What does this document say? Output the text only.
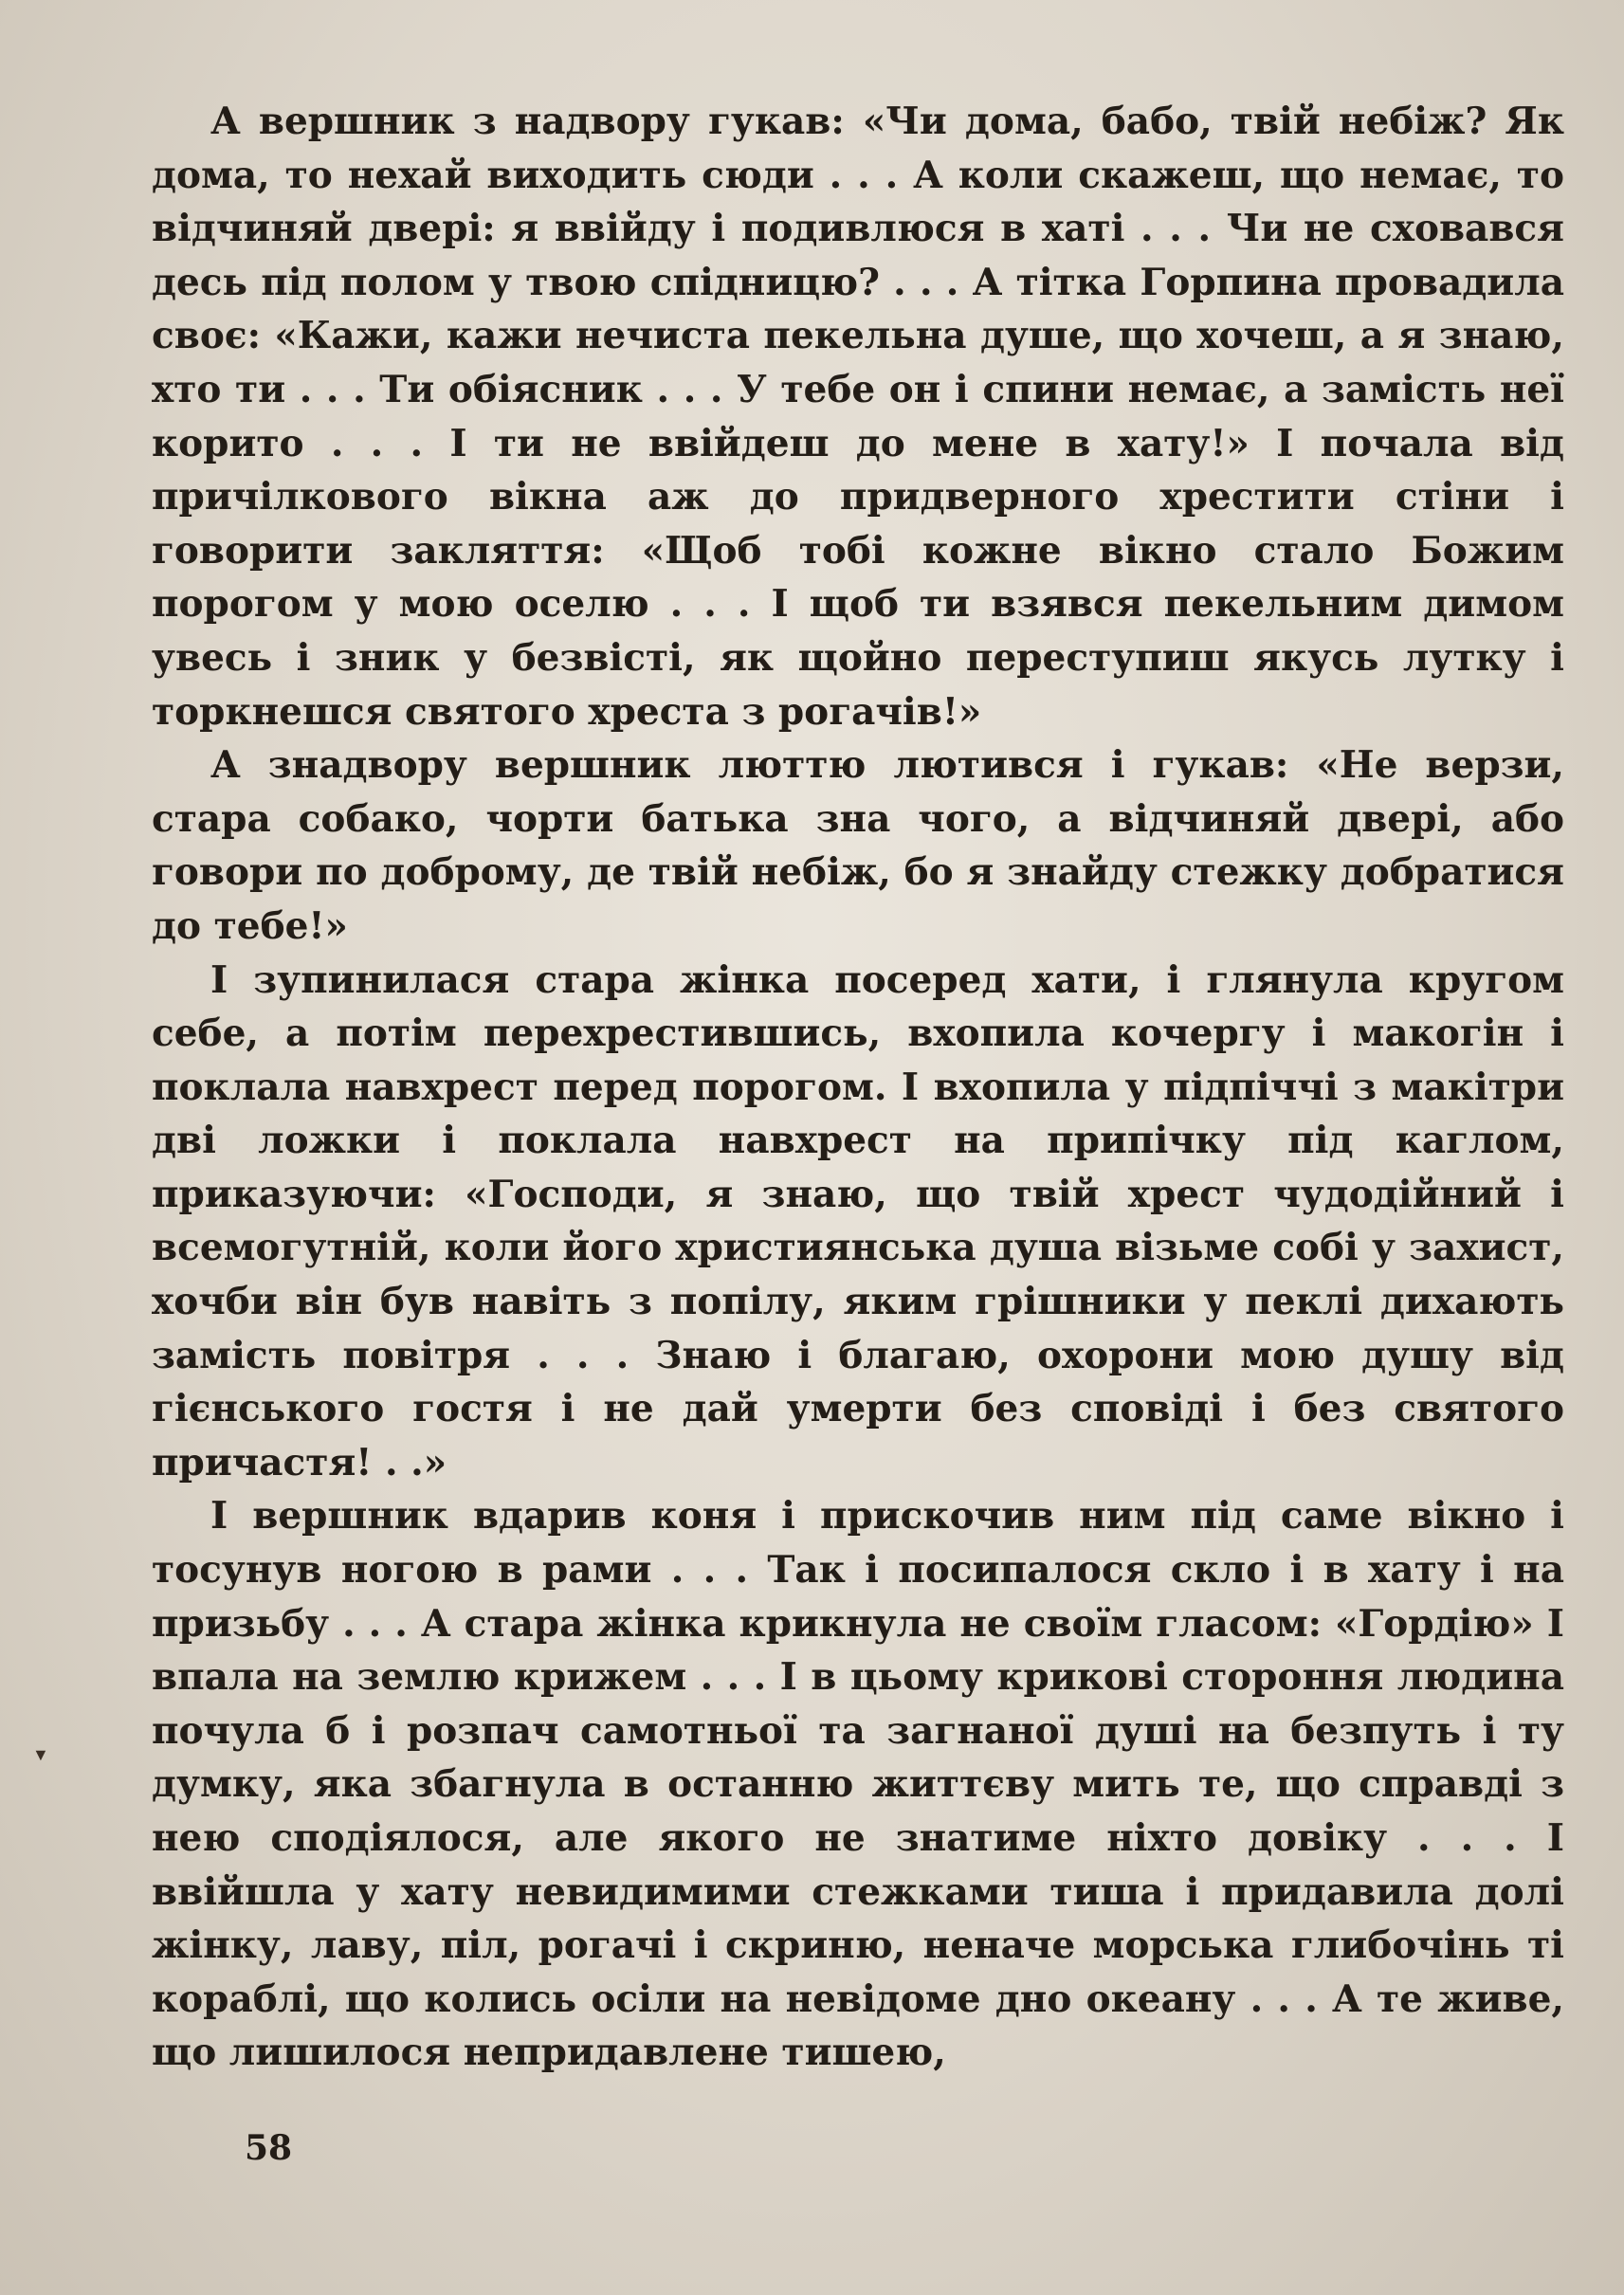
А вершник з надвору гукав: «Чи дома, бабо, твій небіж? Як дома, то нехай виходить сюди . . . А коли скажеш, що немає, то відчиняй двері: я ввійду і подивлюся в хаті . . . Чи не сховався десь під полом у твою спідницю? . . . А тітка Горпина провадила своє: «Кажи, кажи нечиста пекельна душе, що хочеш, а я знаю, хто ти . . . Ти обіясник . . . У тебе он і спини немає, а замість неї корито . . . І ти не ввійдеш до мене в хату!» І почала від причілкового вікна аж до придверного хрестити стіни і говорити закляття: «Щоб тобі кожне вікно стало Божим порогом у мою оселю . . . І щоб ти взявся пекельним димом увесь і зник у безвісті, як щойно переступиш якусь лутку і торкнешся святого хреста з рогачів!»

А знадвору вершник люттю лютився і гукав: «Не верзи, стара собако, чорти батька зна чого, а відчиняй двері, або говори по доброму, де твій небіж, бо я знайду стежку добратися до тебе!»

І зупинилася стара жінка посеред хати, і глянула кругом себе, а потім перехрестившись, вхопила кочергу і макогін і поклала навхрест перед порогом. І вхопила у підпіччі з макітри дві ложки і поклала навхрест на припічку під каглом, приказуючи: «Господи, я знаю, що твій хрест чудодійний і всемогутній, коли його християнська душа візьме собі у захист, хочби він був навіть з попілу, яким грішники у пеклі дихають замість повітря . . . Знаю і благаю, охорони мою душу від гієнського гостя і не дай умерти без сповіді і без святого причастя! . .»

І вершник вдарив коня і прискочив ним під саме вікно і тосунув ногою в рами . . . Так і посипалося скло і в хату і на призьбу . . . А стара жінка крикнула не своїм гласом: «Гордію» І впала на землю крижем . . . І в цьому крикові стороння людина почула б і розпач самотньої та загнаної душі на безпуть і ту думку, яка збагнула в останню життєву мить те, що справді з нею сподіялося, але якого не знатиме ніхто довіку . . . І ввійшла у хату невидимими стежками тиша і придавила долі жінку, лаву, піл, рогачі і скриню, неначе морська глибочінь ті кораблі, що колись осіли на невідоме дно океану . . . А те живе, що лишилося непридавлене тишею,

▼
58
